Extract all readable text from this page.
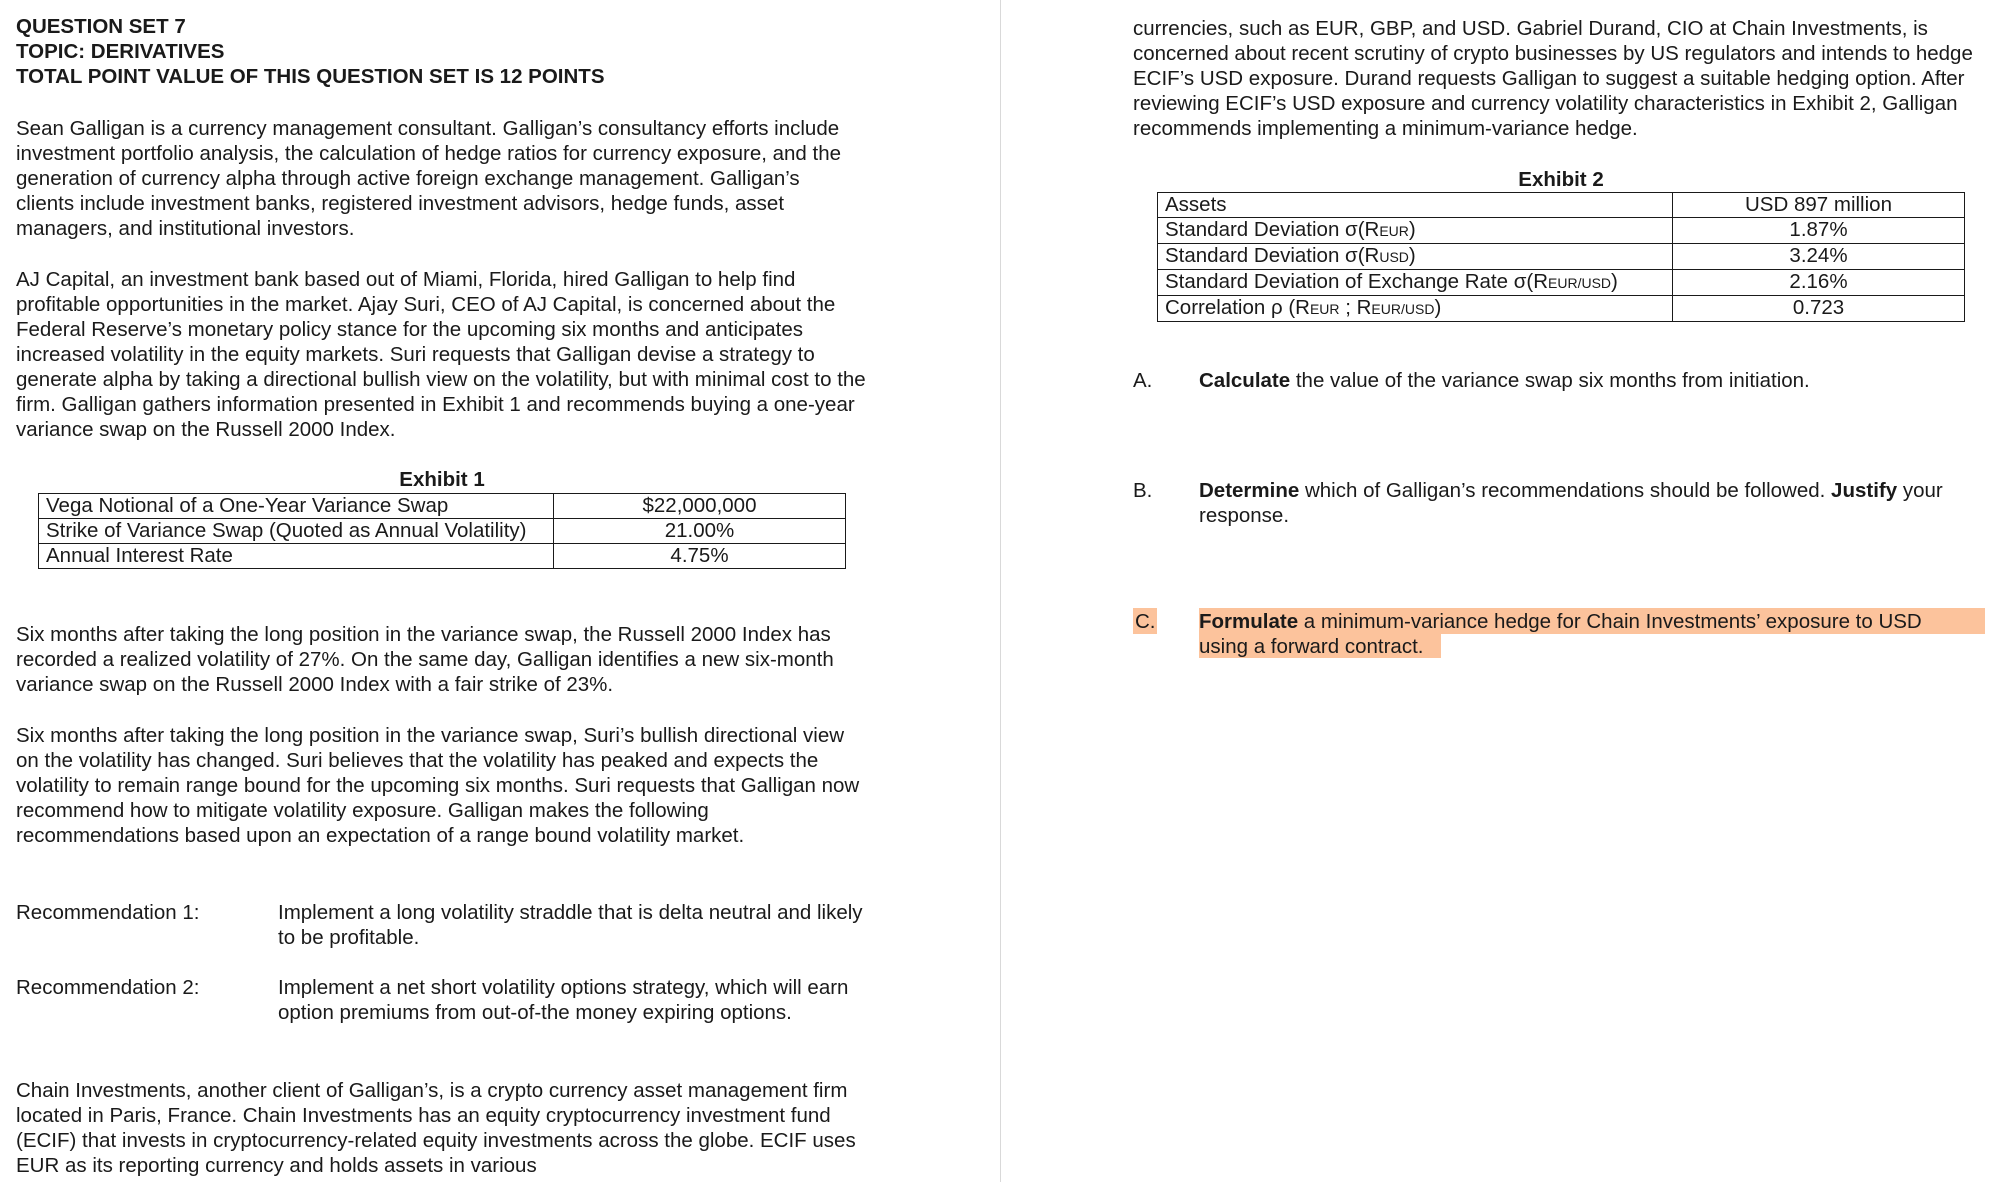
QUESTION SET 7
TOPIC: DERIVATIVES
TOTAL POINT VALUE OF THIS QUESTION SET IS 12 POINTS

Sean Galligan is a currency management consultant. Galligan’s consultancy efforts include investment portfolio analysis, the calculation of hedge ratios for currency exposure, and the generation of currency alpha through active foreign exchange management. Galligan’s clients include investment banks, registered investment advisors, hedge funds, asset managers, and institutional investors.

AJ Capital, an investment bank based out of Miami, Florida, hired Galligan to help find profitable opportunities in the market. Ajay Suri, CEO of AJ Capital, is concerned about the Federal Reserve’s monetary policy stance for the upcoming six months and anticipates increased volatility in the equity markets. Suri requests that Galligan devise a strategy to generate alpha by taking a directional bullish view on the volatility, but with minimal cost to the firm. Galligan gathers information presented in Exhibit 1 and recommends buying a one-year variance swap on the Russell 2000 Index.

Exhibit 1
Vega Notional of a One-Year Variance Swap	$22,000,000
Strike of Variance Swap (Quoted as Annual Volatility)	21.00%
Annual Interest Rate	4.75%

Six months after taking the long position in the variance swap, the Russell 2000 Index has recorded a realized volatility of 27%. On the same day, Galligan identifies a new six-month variance swap on the Russell 2000 Index with a fair strike of 23%.

Six months after taking the long position in the variance swap, Suri’s bullish directional view on the volatility has changed. Suri believes that the volatility has peaked and expects the volatility to remain range bound for the upcoming six months. Suri requests that Galligan now recommend how to mitigate volatility exposure. Galligan makes the following recommendations based upon an expectation of a range bound volatility market.

Recommendation 1:	Implement a long volatility straddle that is delta neutral and likely to be profitable.
Recommendation 2:	Implement a net short volatility options strategy, which will earn option premiums from out-of-the money expiring options.

Chain Investments, another client of Galligan’s, is a crypto currency asset management firm located in Paris, France. Chain Investments has an equity cryptocurrency investment fund (ECIF) that invests in cryptocurrency-related equity investments across the globe. ECIF uses EUR as its reporting currency and holds assets in various

currencies, such as EUR, GBP, and USD. Gabriel Durand, CIO at Chain Investments, is concerned about recent scrutiny of crypto businesses by US regulators and intends to hedge ECIF’s USD exposure. Durand requests Galligan to suggest a suitable hedging option. After reviewing ECIF’s USD exposure and currency volatility characteristics in Exhibit 2, Galligan recommends implementing a minimum-variance hedge.

Exhibit 2
Assets	USD 897 million
Standard Deviation σ(REUR)	1.87%
Standard Deviation σ(RUSD)	3.24%
Standard Deviation of Exchange Rate σ(REUR/USD)	2.16%
Correlation ρ (REUR ; REUR/USD)	0.723
A. Calculate the value of the variance swap six months from initiation.
B. Determine which of Galligan’s recommendations should be followed. Justify your response.
C. Formulate a minimum-variance hedge for Chain Investments’ exposure to USD
using a forward contract.
